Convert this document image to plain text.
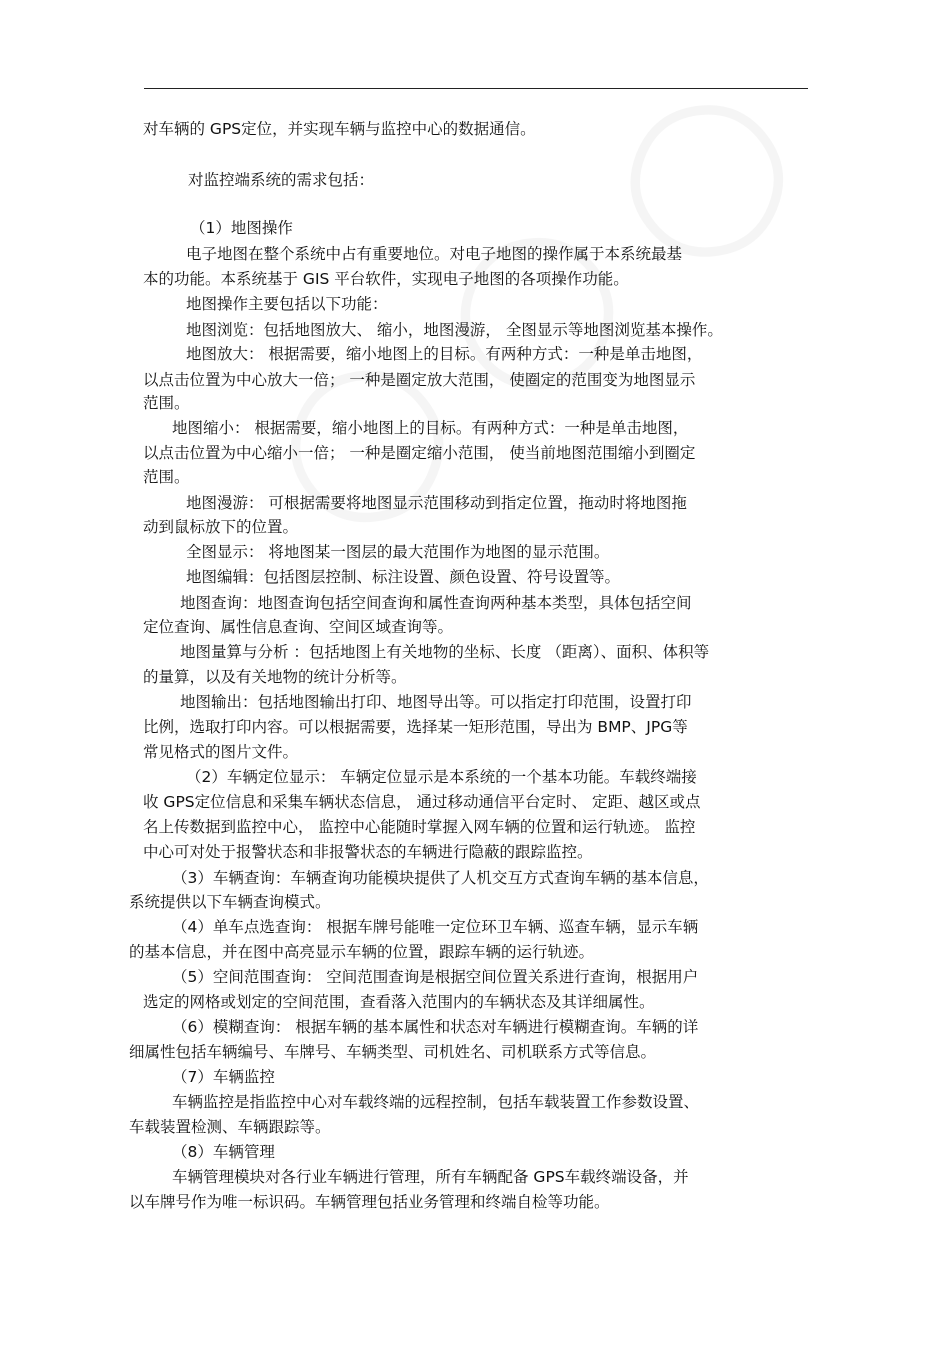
对车辆的 GPS定位，并实现车辆与监控中心的数据通信。
对监控端系统的需求包括：
（1）地图操作
电子地图在整个系统中占有重要地位。对电子地图的操作属于本系统最基
本的功能。本系统基于 GIS 平台软件，实现电子地图的各项操作功能。
地图操作主要包括以下功能：
地图浏览：包括地图放大、 缩小，地图漫游， 全图显示等地图浏览基本操作。
地图放大： 根据需要，缩小地图上的目标。有两种方式：一种是单击地图，
以点击位置为中心放大一倍； 一种是圈定放大范围， 使圈定的范围变为地图显示
范围。
地图缩小： 根据需要，缩小地图上的目标。有两种方式：一种是单击地图，
以点击位置为中心缩小一倍； 一种是圈定缩小范围， 使当前地图范围缩小到圈定
范围。
地图漫游： 可根据需要将地图显示范围移动到指定位置，拖动时将地图拖
动到鼠标放下的位置。
全图显示： 将地图某一图层的最大范围作为地图的显示范围。
地图编辑：包括图层控制、标注设置、颜色设置、符号设置等。
地图查询：地图查询包括空间查询和属性查询两种基本类型，具体包括空间
定位查询、属性信息查询、空间区域查询等。
地图量算与分析 ：包括地图上有关地物的坐标、长度 （距离）、面积、体积等
的量算，以及有关地物的统计分析等。
地图输出：包括地图输出打印、地图导出等。可以指定打印范围，设置打印
比例，选取打印内容。可以根据需要，选择某一矩形范围，导出为 BMP、JPG等
常见格式的图片文件。
（2）车辆定位显示： 车辆定位显示是本系统的一个基本功能。车载终端接
收 GPS定位信息和采集车辆状态信息， 通过移动通信平台定时、 定距、越区或点
名上传数据到监控中心， 监控中心能随时掌握入网车辆的位置和运行轨迹。 监控
中心可对处于报警状态和非报警状态的车辆进行隐蔽的跟踪监控。
（3）车辆查询：车辆查询功能模块提供了人机交互方式查询车辆的基本信息，
系统提供以下车辆查询模式。
（4）单车点选查询： 根据车牌号能唯一定位环卫车辆、巡查车辆，显示车辆
的基本信息，并在图中高亮显示车辆的位置，跟踪车辆的运行轨迹。
（5）空间范围查询： 空间范围查询是根据空间位置关系进行查询，根据用户
选定的网格或划定的空间范围，查看落入范围内的车辆状态及其详细属性。
（6）模糊查询： 根据车辆的基本属性和状态对车辆进行模糊查询。车辆的详
细属性包括车辆编号、车牌号、车辆类型、司机姓名、司机联系方式等信息。
（7）车辆监控
车辆监控是指监控中心对车载终端的远程控制，包括车载装置工作参数设置、
车载装置检测、车辆跟踪等。
（8）车辆管理
车辆管理模块对各行业车辆进行管理，所有车辆配备 GPS车载终端设备，并
以车牌号作为唯一标识码。车辆管理包括业务管理和终端自检等功能。
